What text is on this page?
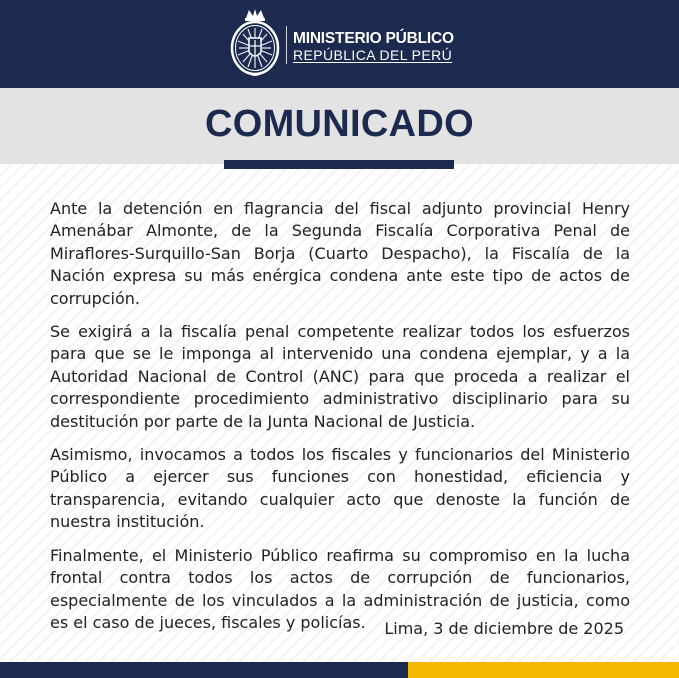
MINISTERIO PÚBLICO
REPÚBLICA DEL PERÚ
COMUNICADO

Ante la detención en flagrancia del fiscal adjunto provincial Henry Amenábar Almonte, de la Segunda Fiscalía Corporativa Penal de Miraflores-Surquillo-San Borja (Cuarto Despacho), la Fiscalía de la Nación expresa su más enérgica condena ante este tipo de actos de corrupción.

Se exigirá a la fiscalía penal competente realizar todos los esfuerzos para que se le imponga al intervenido una condena ejemplar, y a la Autoridad Nacional de Control (ANC) para que proceda a realizar el correspondiente procedimiento administrativo disciplinario para su destitución por parte de la Junta Nacional de Justicia.

Asimismo, invocamos a todos los fiscales y funcionarios del Ministerio Público a ejercer sus funciones con honestidad, eficiencia y transparencia, evitando cualquier acto que denoste la función de nuestra institución.

Finalmente, el Ministerio Público reafirma su compromiso en la lucha frontal contra todos los actos de corrupción de funcionarios, especialmente de los vinculados a la administración de justicia, como es el caso de jueces, fiscales y policías.	Lima, 3 de diciembre de 2025
